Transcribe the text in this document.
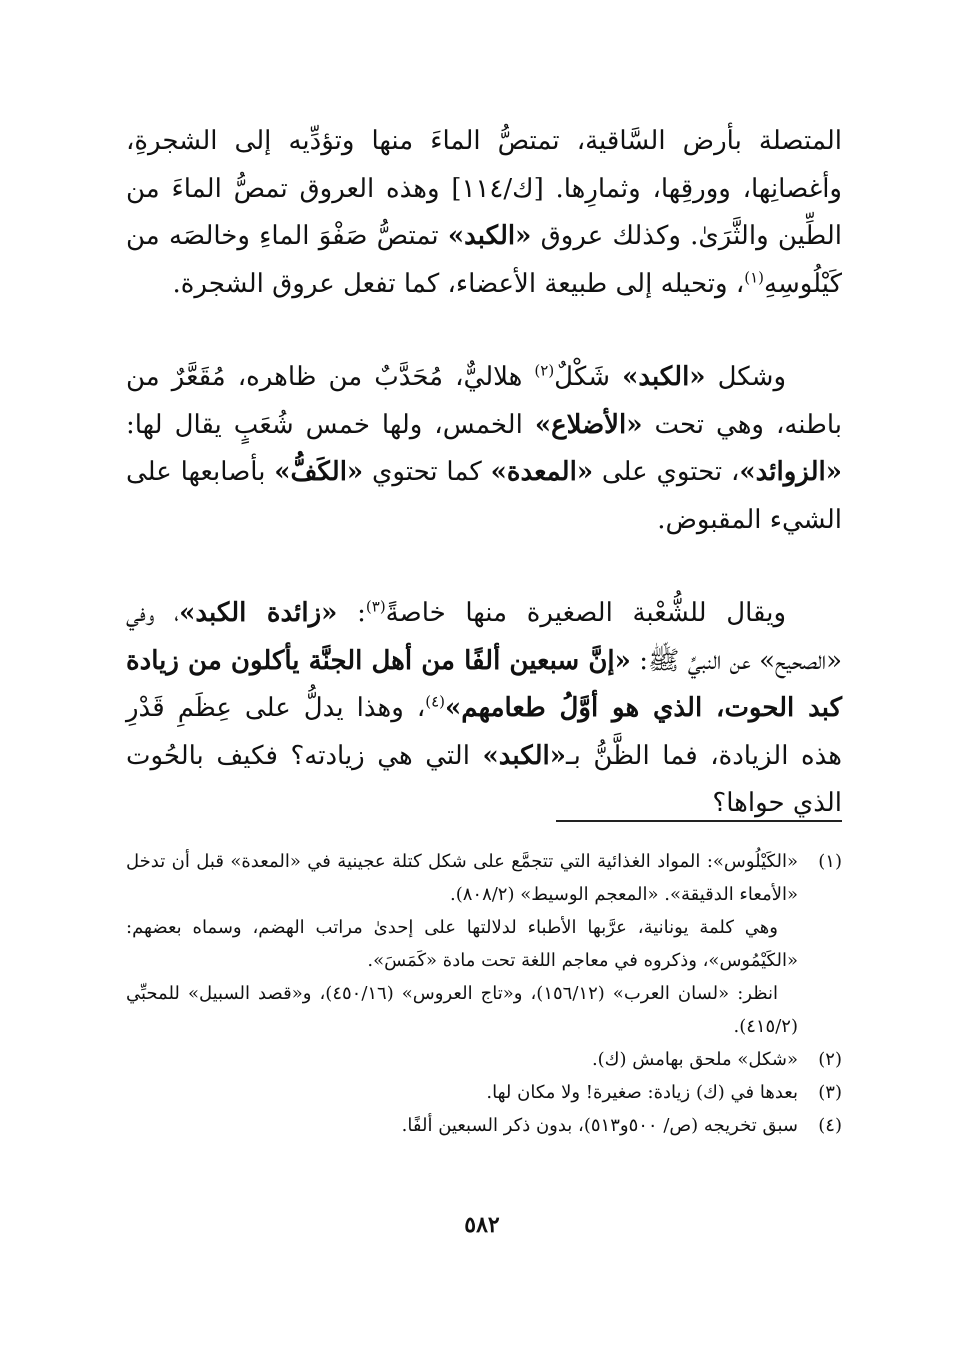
المتصلة بأرض السَّاقية، تمتصُّ الماءَ منها وتؤدِّيه إلى الشجرةِ، وأغصانِها، وورقِها، وثمارِها. [ك/١١٤] وهذه العروق تمصُّ الماءَ من الطِّين والثَّرَىٰ. وكذلك عروق «الكبد» تمتصُّ صَفْوَ الماءِ وخالصَه من كَيْلُوسِهِ$^{(١)}$، وتحيله إلى طبيعة الأعضاء، كما تفعل عروق الشجرة.

وشكل «الكبد» شَكْلٌ$^{(٢)}$ هلاليٌّ، مُحَدَّبٌ من ظاهره، مُقَعَّرٌ من باطنه، وهي تحت «الأضلاع» الخمس، ولها خمس شُعَبٍ يقال لها: «الزوائد»، تحتوي على «المعدة» كما تحتوي «الكَفُّ» بأصابعها على الشيء المقبوض.

ويقال للشُّعْبة الصغيرة منها خاصةً$^{(٣)}$: «زائدة الكبد»، وفي «الصحيح» عن النبيِّ ﷺ: «إنَّ سبعين ألفًا من أهل الجنَّة يأكلون من زيادة كبد الحوت، الذي هو أوَّلُ طعامهم»$^{(٤)}$، وهذا يدلُّ على عِظَمِ قَدْرِ هذه الزيادة، فما الظَّنُّ بـ«الكبد» التي هي زيادته؟ فكيف بالحُوت الذي حواها؟

(١)

«الكَيْلُوس»: المواد الغذائية التي تتجمَّع على شكل كتلة عجينية في «المعدة» قبل أن تدخل «الأمعاء الدقيقة». «المعجم الوسيط» (٨٠٨/٢).

وهي كلمة يونانية، عرَّبها الأطباء لدلالتها على إحدىٰ مراتب الهضم، وسماه بعضهم: «الكَيْمُوس»، وذكروه في معاجم اللغة تحت مادة «كَمَسَ».

انظر: «لسان العرب» (١٥٦/١٢)، و«تاج العروس» (٤٥٠/١٦)، و«قصد السبيل» للمحبِّي (٤١٥/٢).

(٢)

«شكل» ملحق بهامش (ك).

(٣)

بعدها في (ك) زيادة: صغيرة! ولا مكان لها.

(٤)

سبق تخريجه (ص/ ٥٠٠و٥١٣)، بدون ذكر السبعين ألفًا.

٥٨٢
